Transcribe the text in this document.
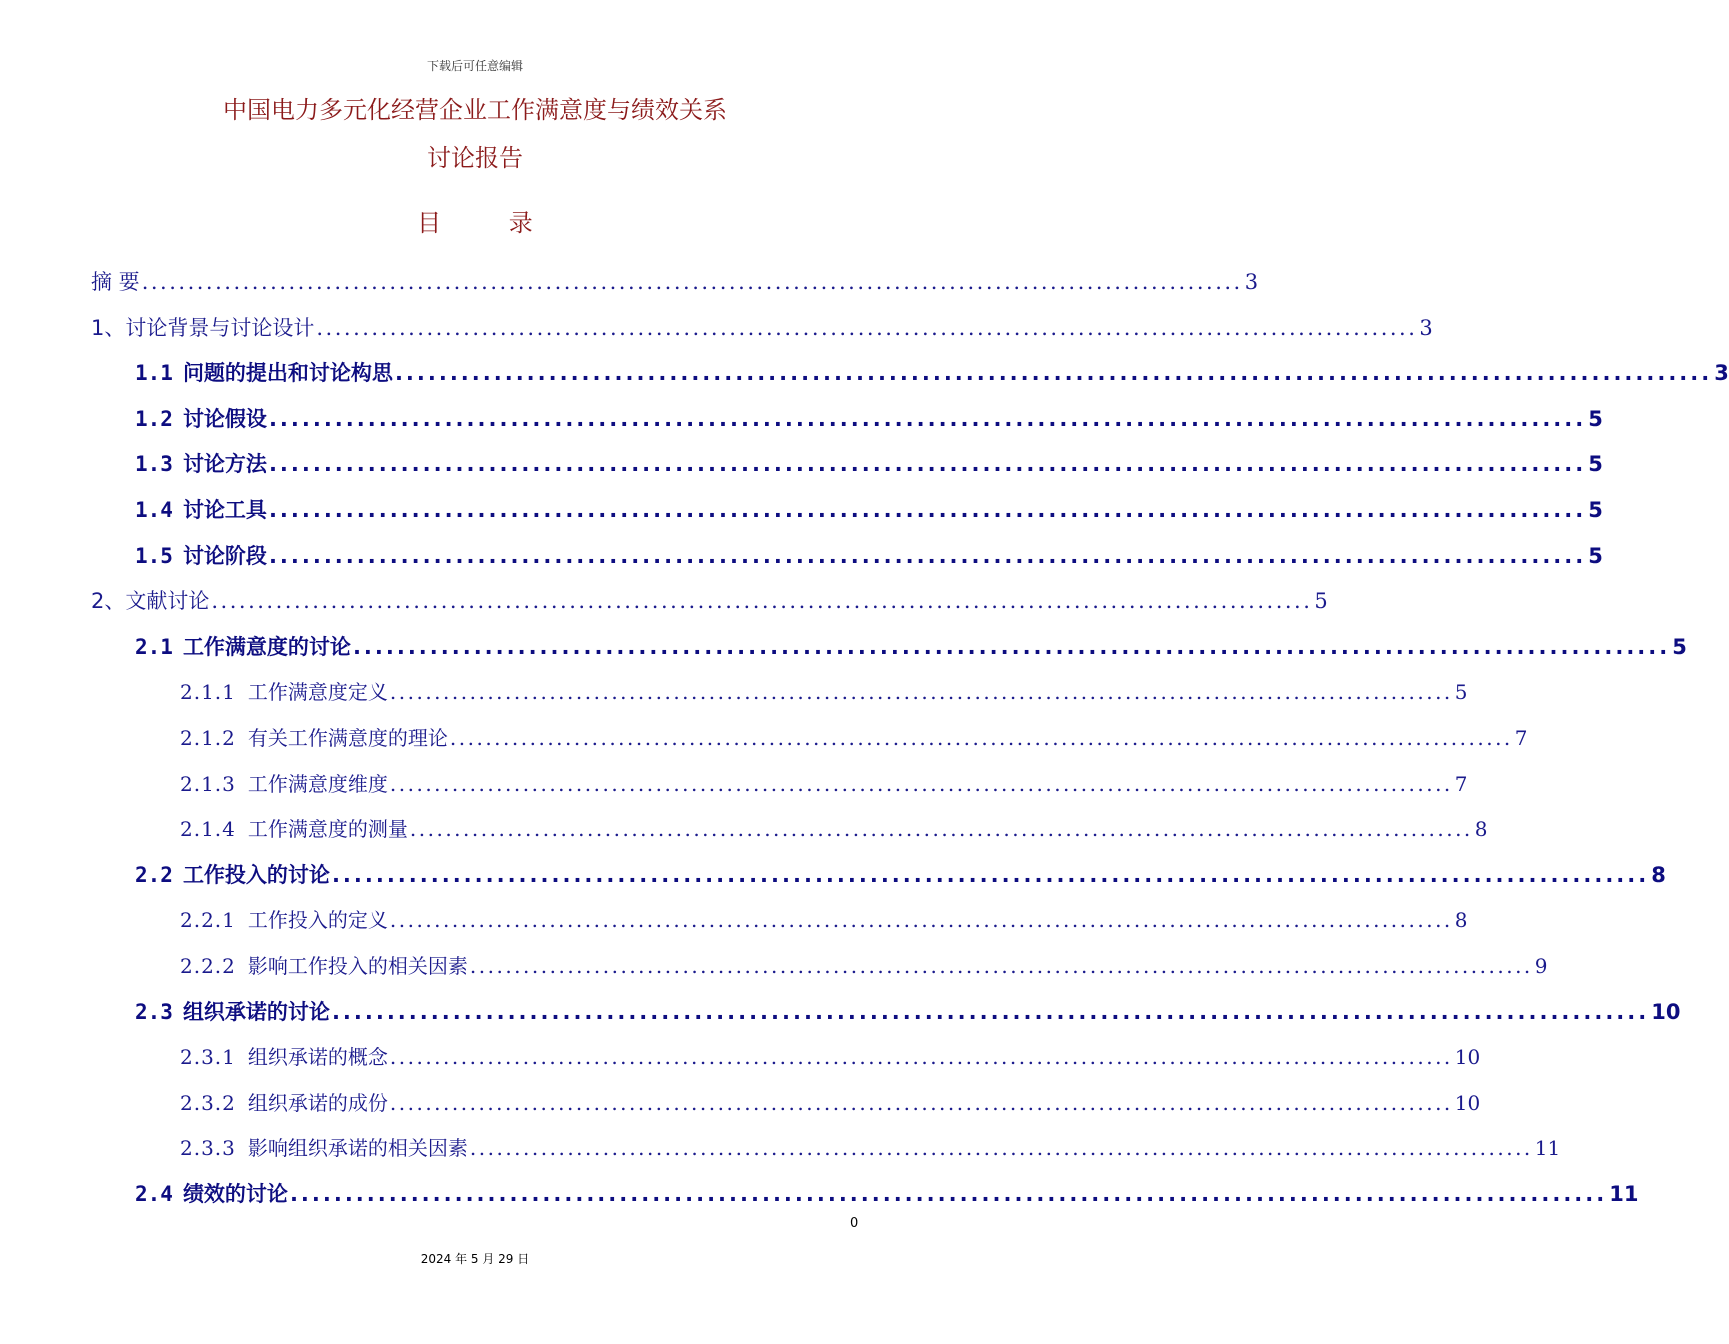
下载后可任意编辑
中国电力多元化经营企业工作满意度与绩效关系
讨论报告
目 录
摘 要 ........................................................................................................................ 3
1、讨论背景与讨论设计 ........................................................................................................................ 3
1.1 问题的提出和讨论构思 ........................................................................................................................ 3
1.2 讨论假设 ........................................................................................................................ 5
1.3 讨论方法 ........................................................................................................................ 5
1.4 讨论工具 ........................................................................................................................ 5
1.5 讨论阶段 ........................................................................................................................ 5
2、文献讨论 ........................................................................................................................ 5
2.1 工作满意度的讨论 ........................................................................................................................ 5
2.1.1 工作满意度定义 ........................................................................................................................ 5
2.1.2 有关工作满意度的理论 ........................................................................................................................ 7
2.1.3 工作满意度维度 ........................................................................................................................ 7
2.1.4 工作满意度的测量 ........................................................................................................................ 8
2.2 工作投入的讨论 ........................................................................................................................ 8
2.2.1 工作投入的定义 ........................................................................................................................ 8
2.2.2 影响工作投入的相关因素 ........................................................................................................................ 9
2.3 组织承诺的讨论 ........................................................................................................................ 10
2.3.1 组织承诺的概念 ........................................................................................................................ 10
2.3.2 组织承诺的成份 ........................................................................................................................ 10
2.3.3 影响组织承诺的相关因素 ........................................................................................................................ 11
2.4 绩效的讨论 ........................................................................................................................ 11
0
2024 年 5 月 29 日
